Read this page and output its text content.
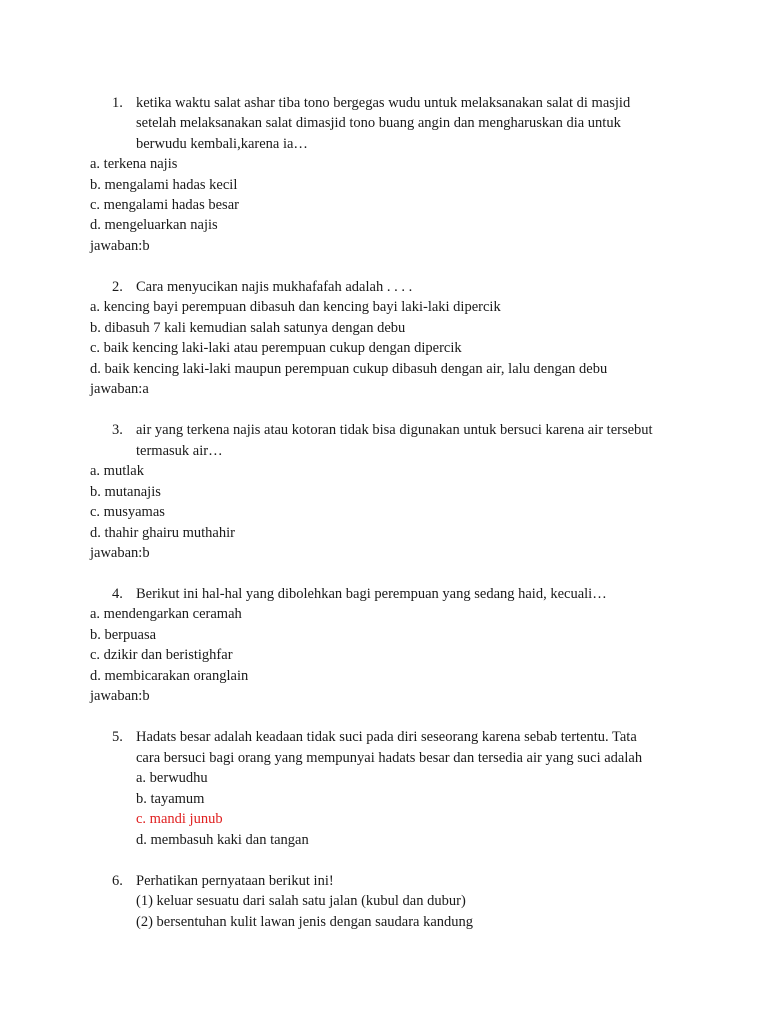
1. ketika waktu salat ashar tiba tono bergegas wudu untuk melaksanakan salat di masjid
setelah melaksanakan salat dimasjid tono buang angin dan mengharuskan dia untuk
berwudu kembali,karena ia…
a. terkena najis
b. mengalami hadas kecil
c. mengalami hadas besar
d. mengeluarkan najis
jawaban:b
2. Cara menyucikan najis mukhafafah adalah . . . .
a. kencing bayi perempuan dibasuh dan kencing bayi laki-laki dipercik
b. dibasuh 7 kali kemudian salah satunya dengan debu
c. baik kencing laki-laki atau perempuan cukup dengan dipercik
d. baik kencing laki-laki maupun perempuan cukup dibasuh dengan air, lalu dengan debu
jawaban:a
3. air yang terkena najis atau kotoran tidak bisa digunakan untuk bersuci karena air tersebut
termasuk air…
a. mutlak
b. mutanajis
c. musyamas
d. thahir ghairu muthahir
jawaban:b
4. Berikut ini hal-hal yang dibolehkan bagi perempuan yang sedang haid, kecuali…
a. mendengarkan ceramah
b. berpuasa
c. dzikir dan beristighfar
d. membicarakan oranglain
jawaban:b
5. Hadats besar adalah keadaan tidak suci pada diri seseorang karena sebab tertentu. Tata
cara bersuci bagi orang yang mempunyai hadats besar dan tersedia air yang suci adalah
a. berwudhu
b. tayamum
c. mandi junub
d. membasuh kaki dan tangan
6. Perhatikan pernyataan berikut ini!
(1) keluar sesuatu dari salah satu jalan (kubul dan dubur)
(2) bersentuhan kulit lawan jenis dengan saudara kandung
